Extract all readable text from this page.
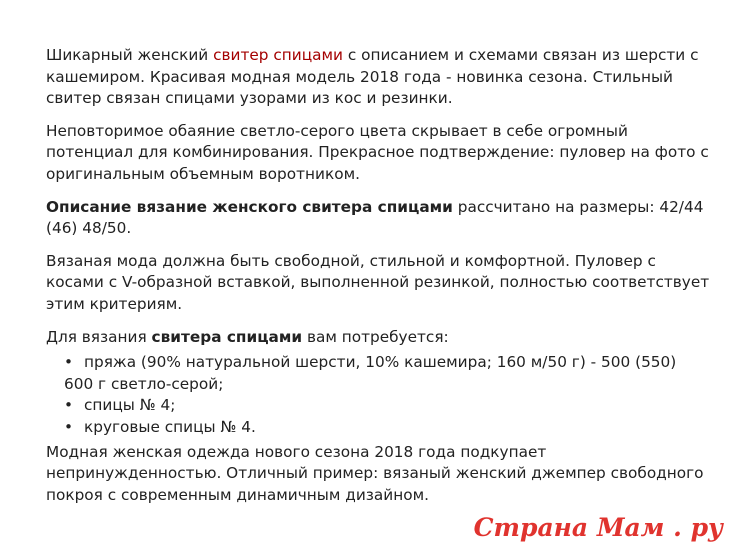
Шикарный женский свитер спицами с описанием и схемами связан из шерсти с кашемиром. Красивая модная модель 2018 года - новинка сезона. Стильный свитер связан спицами узорами из кос и резинки.

Неповторимое обаяние светло-серого цвета скрывает в себе огромный потенциал для комбинирования. Прекрасное подтверждение: пуловер на фото с оригинальным объемным воротником.

Описание вязание женского свитера спицами рассчитано на размеры: 42/44 (46) 48/50.

Вязаная мода должна быть свободной, стильной и комфортной. Пуловер с косами с V-образной вставкой, выполненной резинкой, полностью соответствует этим критериям.

Для вязания свитера спицами вам потребуется:

• пряжа (90% натуральной шерсти, 10% кашемира; 160 м/50 г) - 500 (550) 600 г светло-серой;
• спицы № 4;
• круговые спицы № 4.

Модная женская одежда нового сезона 2018 года подкупает непринужденностью. Отличный пример: вязаный женский джемпер свободного покроя с современным динамичным дизайном.

Страна Мам . ру
